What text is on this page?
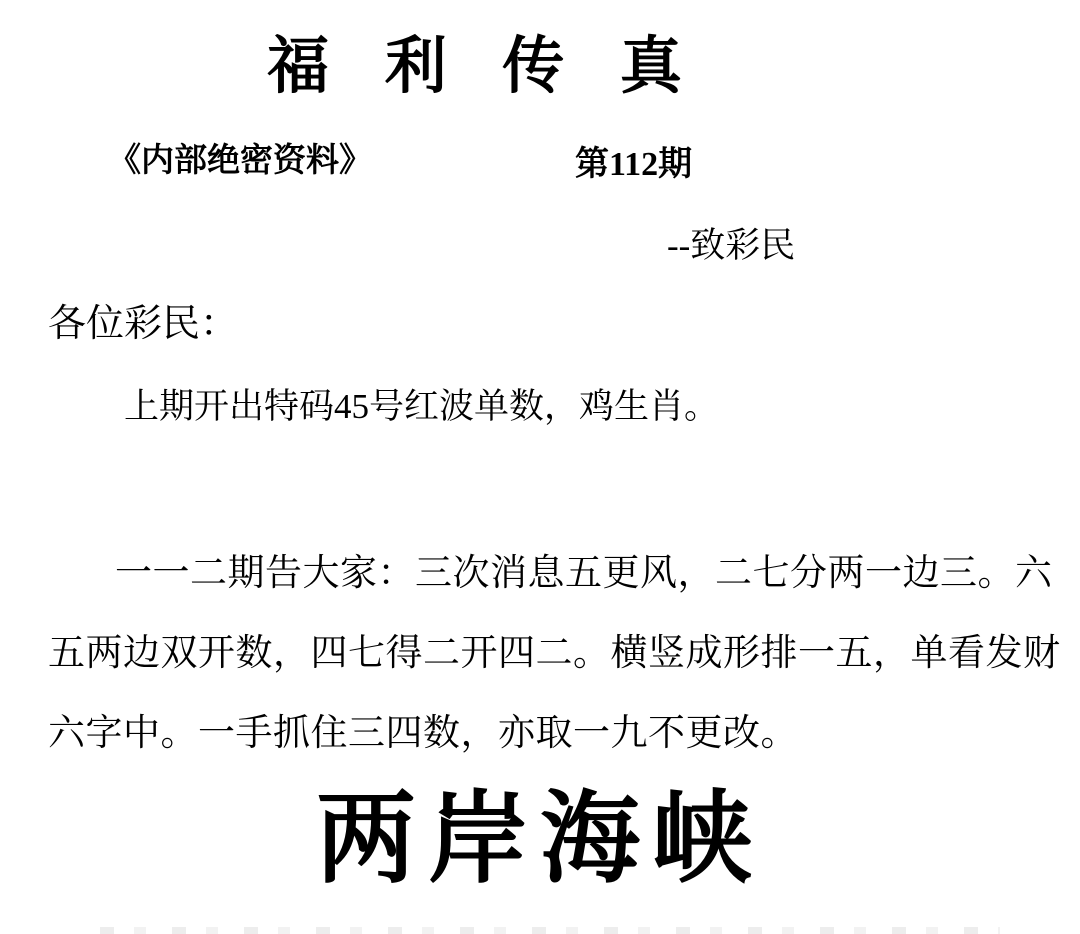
福 利 传 真
《内部绝密资料》	第112期
--致彩民
各位彩民：
上期开出特码45号红波单数，鸡生肖。
一一二期告大家：三次消息五更风，二七分两一边三。六
五两边双开数，四七得二开四二。横竖成形排一五，单看发财
六字中。一手抓住三四数，亦取一九不更改。
两岸海峡
